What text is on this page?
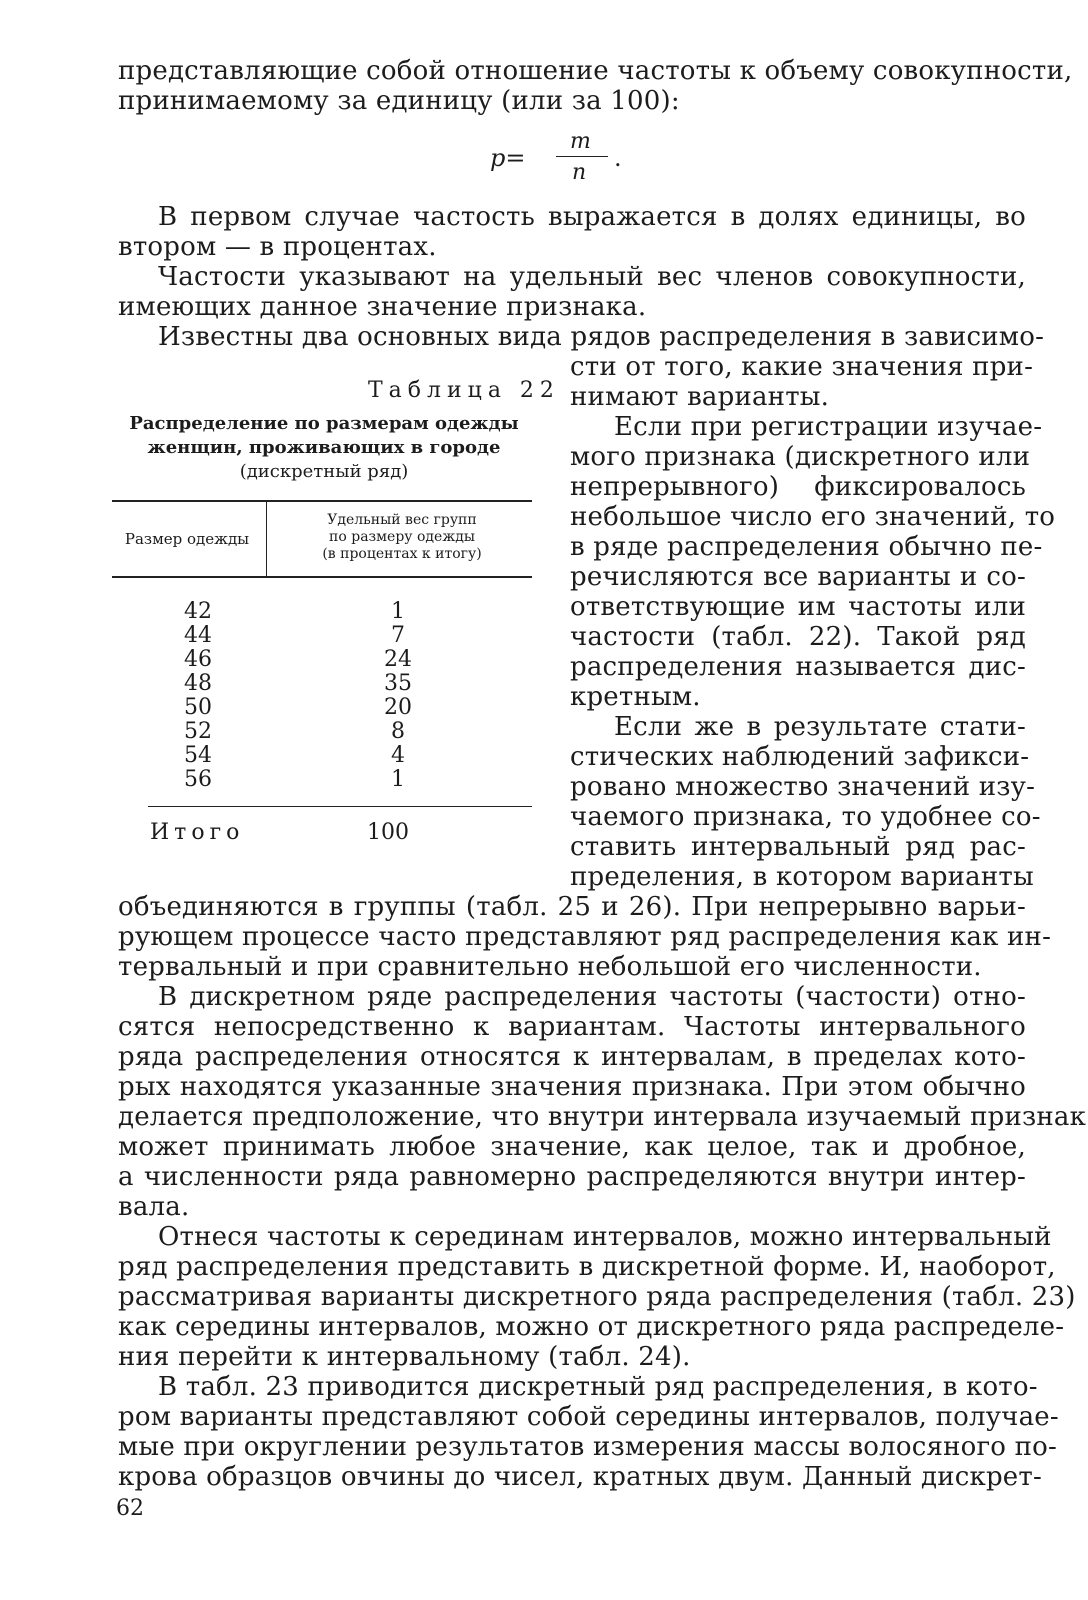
представляющие собой отношение частоты к объему совокупности,

принимаемому за единицу (или за 100):

p=
m
n
.

В первом случае частость выражается в долях единицы, во

втором — в процентах.

Частости указывают на удельный вес членов совокупности,

имеющих данное значение признака.

Известны два основных вида рядов распределения в зависимо-

сти от того, какие значения при-

нимают варианты.

Если при регистрации изучае-

мого признака (дискретного или

непрерывного) фиксировалось

небольшое число его значений, то

в ряде распределения обычно пе-

речисляются все варианты и со-

ответствующие им частоты или

частости (табл. 22). Такой ряд

распределения называется дис-

кретным.

Если же в результате стати-

стических наблюдений зафикси-

ровано множество значений изу-

чаемого признака, то удобнее со-

ставить интервальный ряд рас-

пределения, в котором варианты

объединяются в группы (табл. 25 и 26). При непрерывно варьи-

рующем процессе часто представляют ряд распределения как ин-

тервальный и при сравнительно небольшой его численности.

В дискретном ряде распределения частоты (частости) отно-

сятся непосредственно к вариантам. Частоты интервального

ряда распределения относятся к интервалам, в пределах кото-

рых находятся указанные значения признака. При этом обычно

делается предположение, что внутри интервала изучаемый признак

может принимать любое значение, как целое, так и дробное,

а численности ряда равномерно распределяются внутри интер-

вала.

Отнеся частоты к серединам интервалов, можно интервальный

ряд распределения представить в дискретной форме. И, наоборот,

рассматривая варианты дискретного ряда распределения (табл. 23)

как середины интервалов, можно от дискретного ряда распределе-

ния перейти к интервальному (табл. 24).

В табл. 23 приводится дискретный ряд распределения, в кото-

ром варианты представляют собой середины интервалов, получае-

мые при округлении результатов измерения массы волосяного по-

крова образцов овчины до чисел, кратных двум. Данный дискрет-

Таблица 22
Распределение по размерам одежды
женщин, проживающих в городе
(дискретный ряд)
Размер одежды
Удельный вес групп
по размеру одежды
(в процентах к итогу)
42	1
44	7
46	24
48	35
50	20
52	8
54	4
56	1
Итого	100
62
